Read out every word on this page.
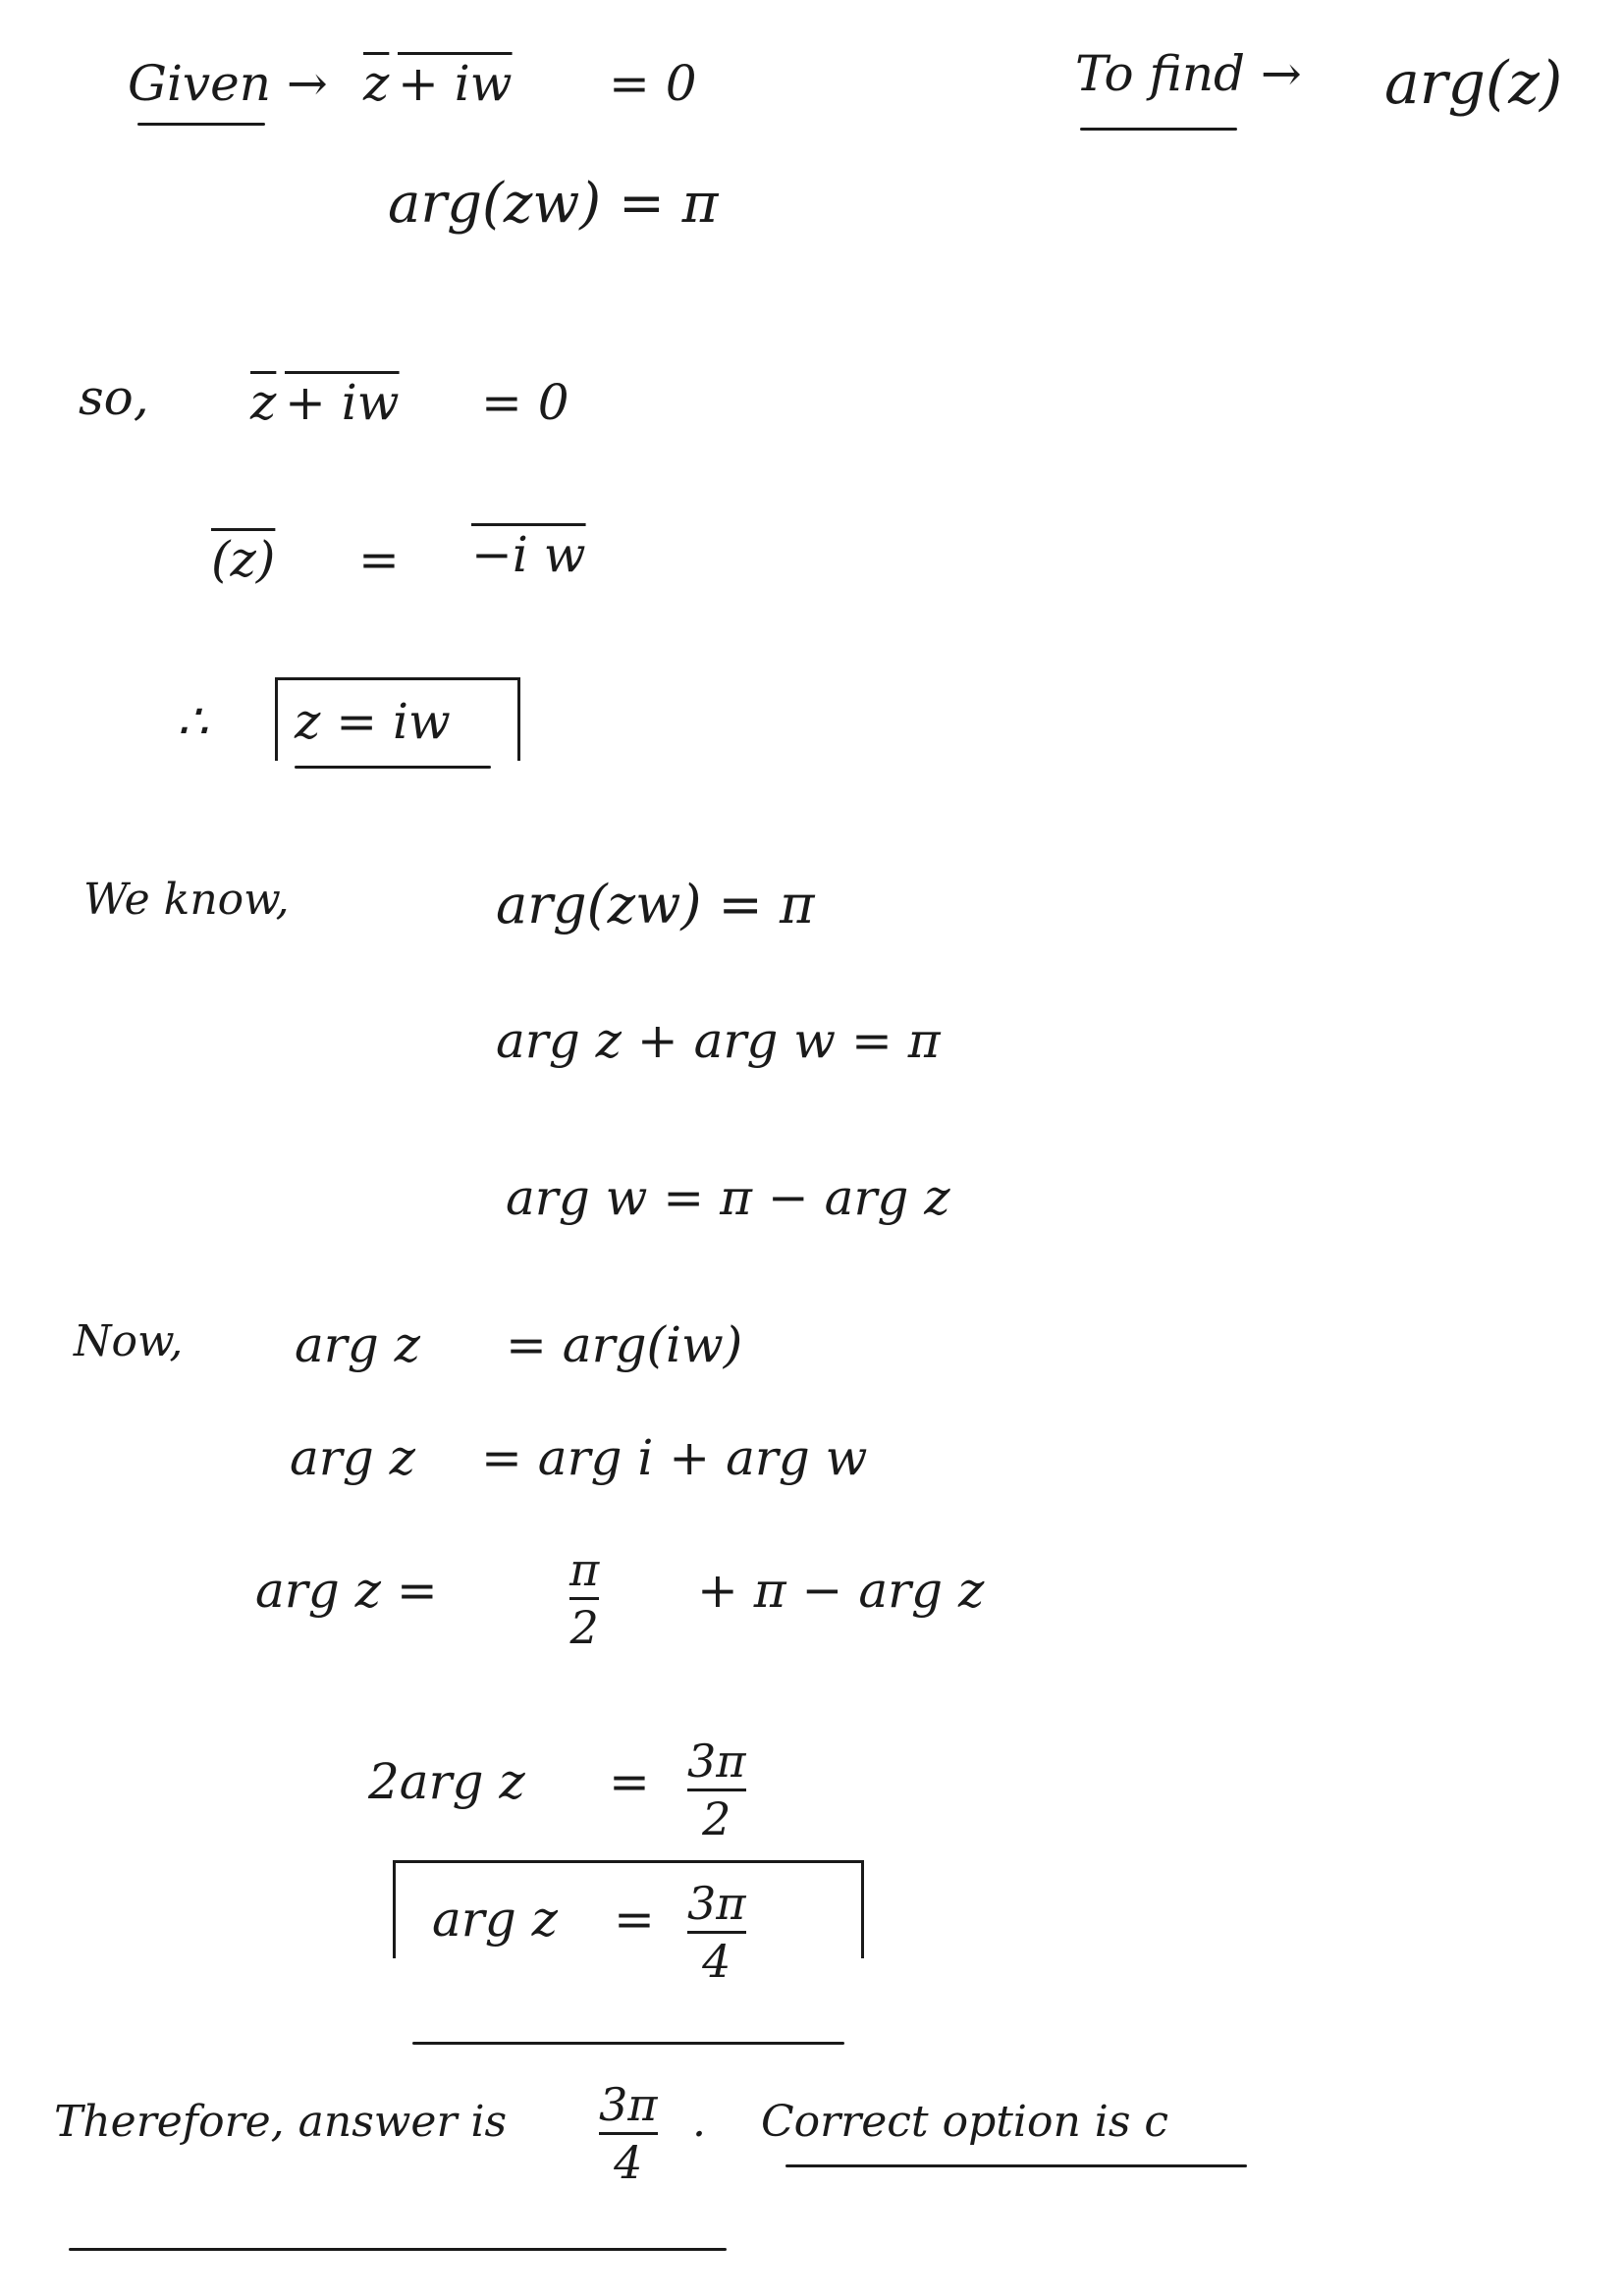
Given → $\overline{z}$ + iw = 0
arg(zw) = π
To find → arg(z)
so, $\overline{z}$ + iw = 0
(z) = −i w
∴ z = iw
We know,	arg(zw) = π
arg z + arg w = π
arg w = π − arg z
Now, arg z = arg(iw)
arg z = arg i + arg w
arg z =	π
2
+ π − arg z
2arg z = 3π
2
arg z = 3π
4
Therefore, answer is 3π
4
. Correct option is c
